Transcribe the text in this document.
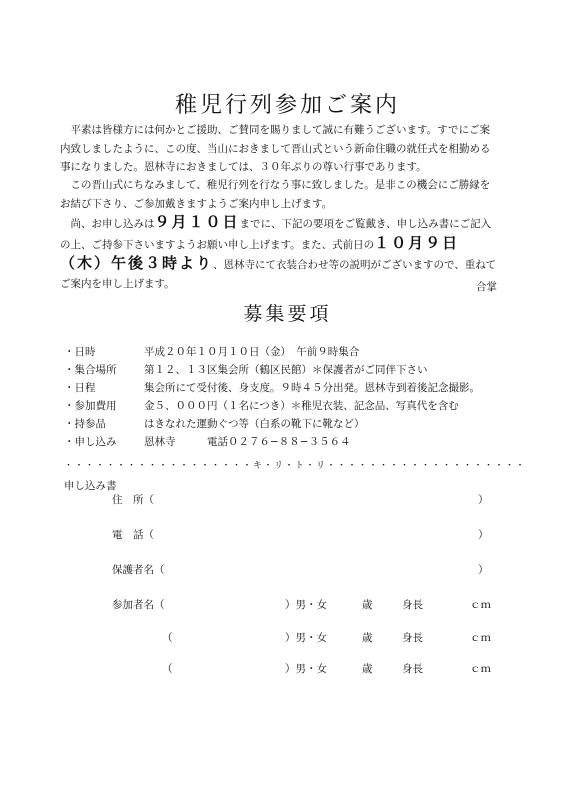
稚児行列参加ご案内
平素は皆様方には何かとご援助、ご賛同を賜りまして誠に有難うございます。すでにご案内致しましたように、この度、当山におきまして晋山式という新命住職の就任式を相勤める事になりました。恩林寺におきましては、３０年ぶりの尊い行事であります。
この晋山式にちなみまして、稚児行列を行なう事に致しました。是非この機会にご勝縁をお結び下さり、ご参加戴きますようご案内申し上げます。
尚、お申し込みは９月１０日までに、下記の要項をご覧戴き、申し込み書にご記入の上、ご持参下さいますようお願い申し上げます。また、式前日の１０月９日（木）午後３時より、恩林寺にて衣装合わせ等の説明がございますので、重ねてご案内を申し上げます。	合掌
募集要項
・日時	平成２０年１０月１０日（金）　午前９時集合
・集合場所	第１２、１３区集会所（鶴区民館）＊保護者がご同伴下さい
・日程	集会所にて受付後、身支度。９時４５分出発。恩林寺到着後記念撮影。
・参加費用	金５、０００円（１名につき）＊稚児衣装、記念品、写真代を含む
・持参品	はきなれた運動ぐつ等（白系の靴下に靴など）
・申し込み	恩林寺　　　電話０２７６−８８−３５６４
・・・・・・・・・・・・・・・・・・キ・リ・ト・リ・・・・・・・・・・・・・・・・・・・
申し込み書
住　所（	）
電　話（	）
保護者名（	）
参加者名（	）男・女	歳	身長	ｃｍ
（	）男・女	歳	身長	ｃｍ
（	）男・女	歳	身長	ｃｍ
